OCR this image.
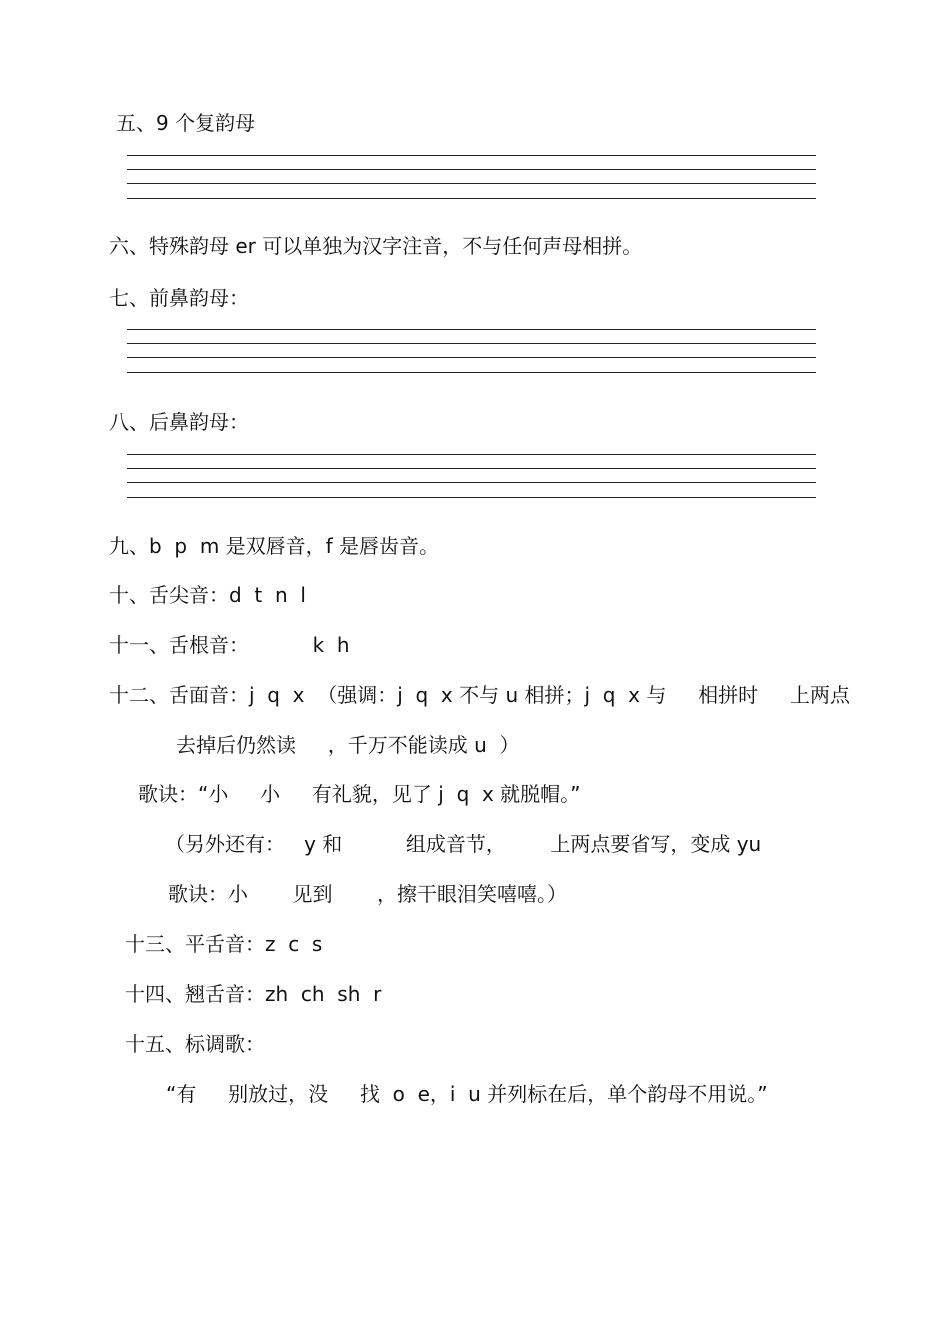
五、9 个复韵母
六、特殊韵母 er 可以单独为汉字注音，不与任何声母相拼。
七、前鼻韵母：
八、后鼻韵母：
九、b  p  m 是双唇音，f 是唇齿音。
十、舌尖音：d  t  n  l
十一、舌根音：          k  h
十二、舌面音：j  q  x  （强调：j  q  x 不与 u 相拼；j  q  x 与     相拼时     上两点
去掉后仍然读     ，千万不能读成 u  ）
歌诀：“小     小     有礼貌，见了 j  q  x 就脱帽。”
（另外还有：   y 和          组成音节，       上两点要省写，变成 yu
歌诀：小       见到       ，擦干眼泪笑嘻嘻。）
十三、平舌音：z  c  s
十四、翘舌音：zh  ch  sh  r
十五、标调歌：
“有     别放过，没     找  o  e，i  u 并列标在后，单个韵母不用说。”
